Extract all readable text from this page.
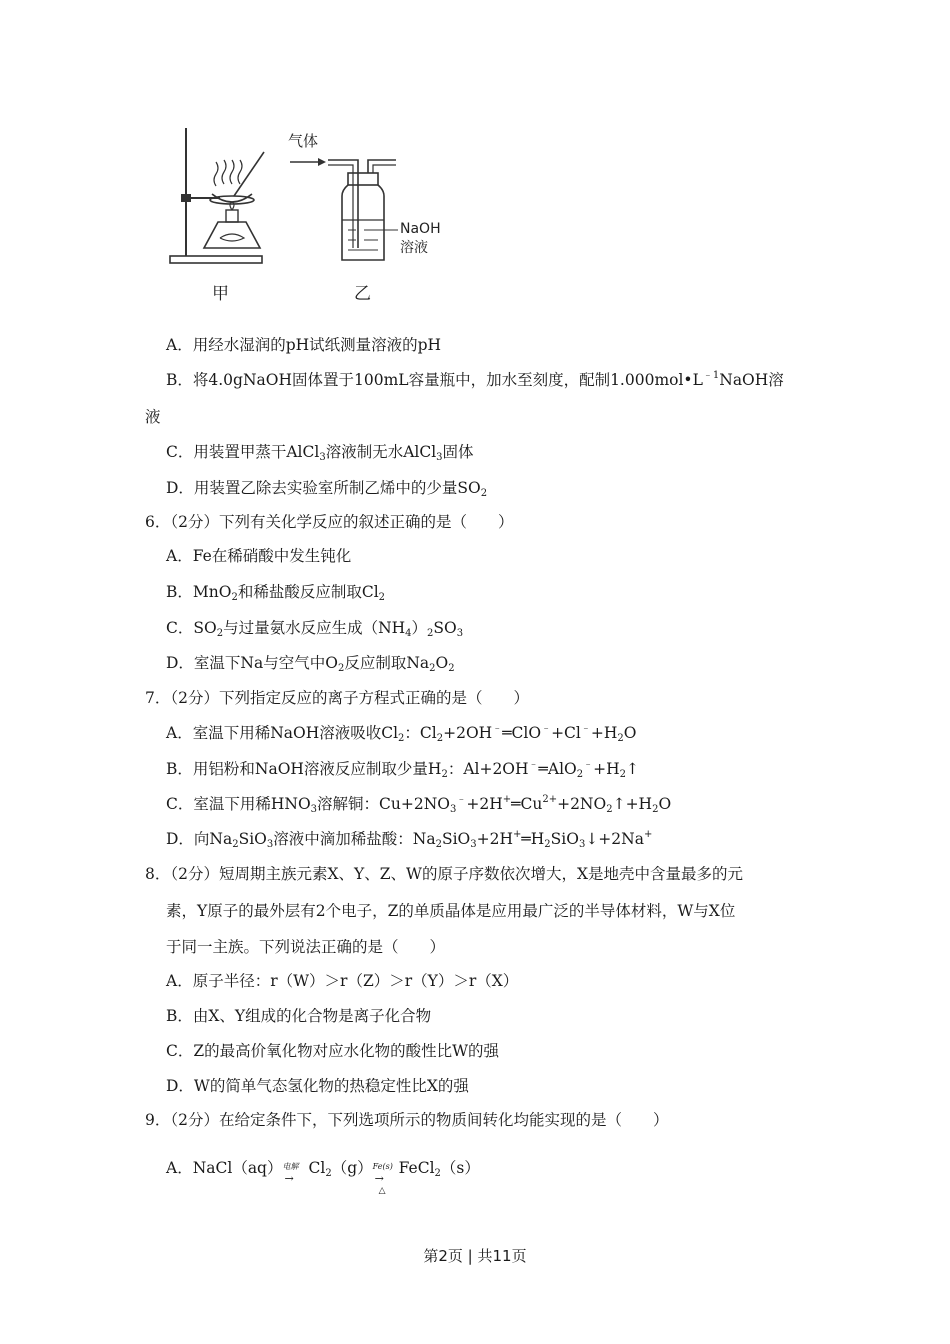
气体
NaOH
溶液
甲	乙
A．用经水湿润的pH试纸测量溶液的pH
B．将4.0gNaOH固体置于100mL容量瓶中，加水至刻度，配制$1.000mol•L^{﹣1}NaOH$溶
液
C．用装置甲蒸干AlCl$_3$溶液制无水AlCl$_3$固体
D．用装置乙除去实验室所制乙烯中的少量$SO_2$
6．（2分）下列有关化学反应的叙述正确的是（　　）
A．Fe在稀硝酸中发生钝化
B．MnO$_2$和稀盐酸反应制取$Cl_2$
C．$SO_2$与过量氨水反应生成$(NH_4)_2SO_3$
D．室温下Na与空气中$O_2$反应制取$Na_2O_2$
7．（2分）下列指定反应的离子方程式正确的是（　　）
A．室温下用稀NaOH溶液吸收$Cl_2$：$Cl_2+2OH^﹣═ClO^﹣+Cl^﹣+H_2O$
B．用铝粉和NaOH溶液反应制取少量$H_2$：$Al+2OH^﹣═AlO_2^﹣+H_2↑$
C．室温下用稀$HNO_3$溶解铜：$Cu+2NO_3^﹣+2H^+═Cu^{2+}+2NO_2↑+H_2O$
D．向$Na_2SiO_3$溶液中滴加稀盐酸：$Na_2SiO_3+2H^+═H_2SiO_3↓+2Na^+$
8．（2分）短周期主族元素X、Y、Z、W的原子序数依次增大，X是地壳中含量最多的元
素，Y原子的最外层有2个电子，Z的单质晶体是应用最广泛的半导体材料，W与X位
于同一主族。下列说法正确的是（　　）
A．原子半径：r（W）＞r（Z）＞r（Y）＞r（X）
B．由X、Y组成的化合物是离子化合物
C．Z的最高价氧化物对应水化物的酸性比W的强
D．W的简单气态氢化物的热稳定性比X的强
9．（2分）在给定条件下，下列选项所示的物质间转化均能实现的是（　　）
A．NaCl（aq） 电解
→
$Cl_2(g)$ Fe(s)
→
△
FeCl$_2$（s）
第2页 | 共11页
